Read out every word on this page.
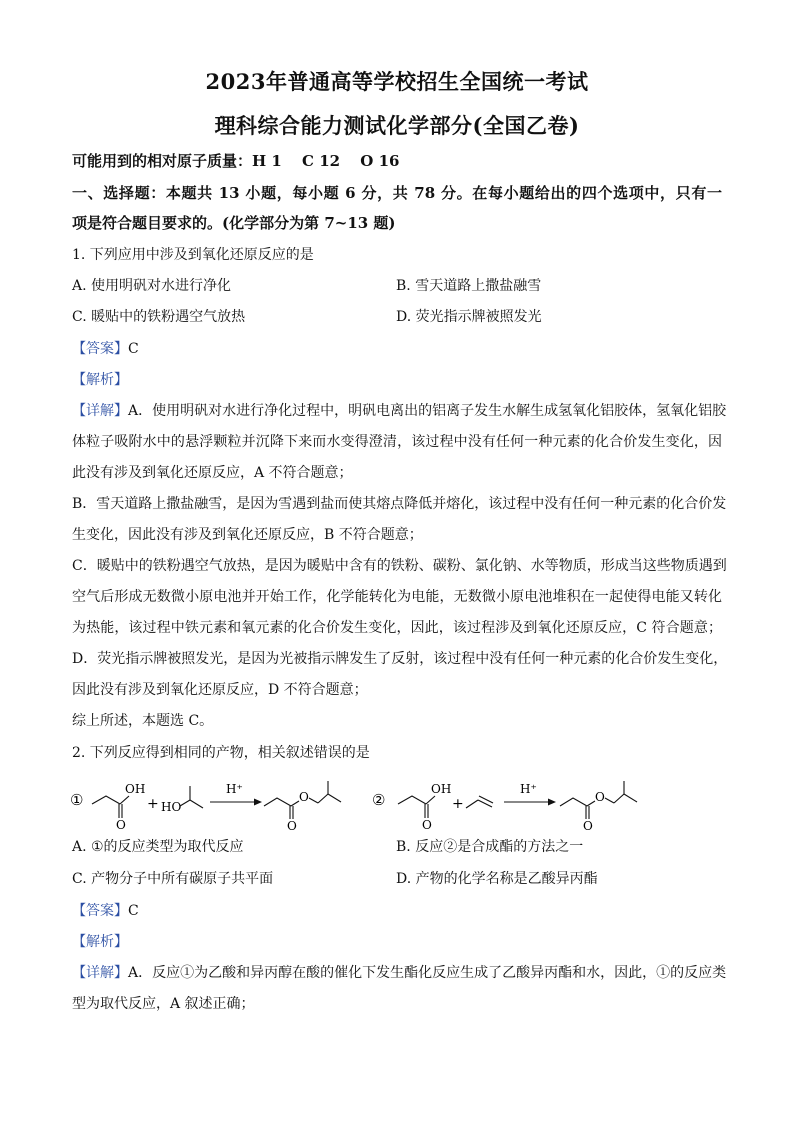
2023年普通高等学校招生全国统一考试
理科综合能力测试化学部分(全国乙卷)
可能用到的相对原子质量：H 1　 C 12　 O 16
一、选择题：本题共 13 小题，每小题 6 分，共 78 分。在每小题给出的四个选项中，只有一
项是符合题目要求的。(化学部分为第 7~13 题)
1. 下列应用中涉及到氧化还原反应的是
A. 使用明矾对水进行净化	B. 雪天道路上撒盐融雪
C. 暖贴中的铁粉遇空气放热	D. 荧光指示牌被照发光
【答案】C
【解析】
【详解】A．使用明矾对水进行净化过程中，明矾电离出的铝离子发生水解生成氢氧化铝胶体，氢氧化铝胶
体粒子吸附水中的悬浮颗粒并沉降下来而水变得澄清，该过程中没有任何一种元素的化合价发生变化，因
此没有涉及到氧化还原反应，A 不符合题意；
B．雪天道路上撒盐融雪，是因为雪遇到盐而使其熔点降低并熔化，该过程中没有任何一种元素的化合价发
生变化，因此没有涉及到氧化还原反应，B 不符合题意；
C．暖贴中的铁粉遇空气放热，是因为暖贴中含有的铁粉、碳粉、氯化钠、水等物质，形成当这些物质遇到
空气后形成无数微小原电池并开始工作，化学能转化为电能，无数微小原电池堆积在一起使得电能又转化
为热能，该过程中铁元素和氧元素的化合价发生变化，因此，该过程涉及到氧化还原反应，C 符合题意；
D．荧光指示牌被照发光，是因为光被指示牌发生了反射，该过程中没有任何一种元素的化合价发生变化，
因此没有涉及到氧化还原反应，D 不符合题意；
综上所述，本题选 C。
2. 下列反应得到相同的产物，相关叙述错误的是
①
OH
O
+ HO
H⁺
O
O	②
OH
O
+
H⁺
O
O
A. ①的反应类型为取代反应	B. 反应②是合成酯的方法之一
C. 产物分子中所有碳原子共平面	D. 产物的化学名称是乙酸异丙酯
【答案】C
【解析】
【详解】A．反应①为乙酸和异丙醇在酸的催化下发生酯化反应生成了乙酸异丙酯和水，因此，①的反应类
型为取代反应，A 叙述正确；
